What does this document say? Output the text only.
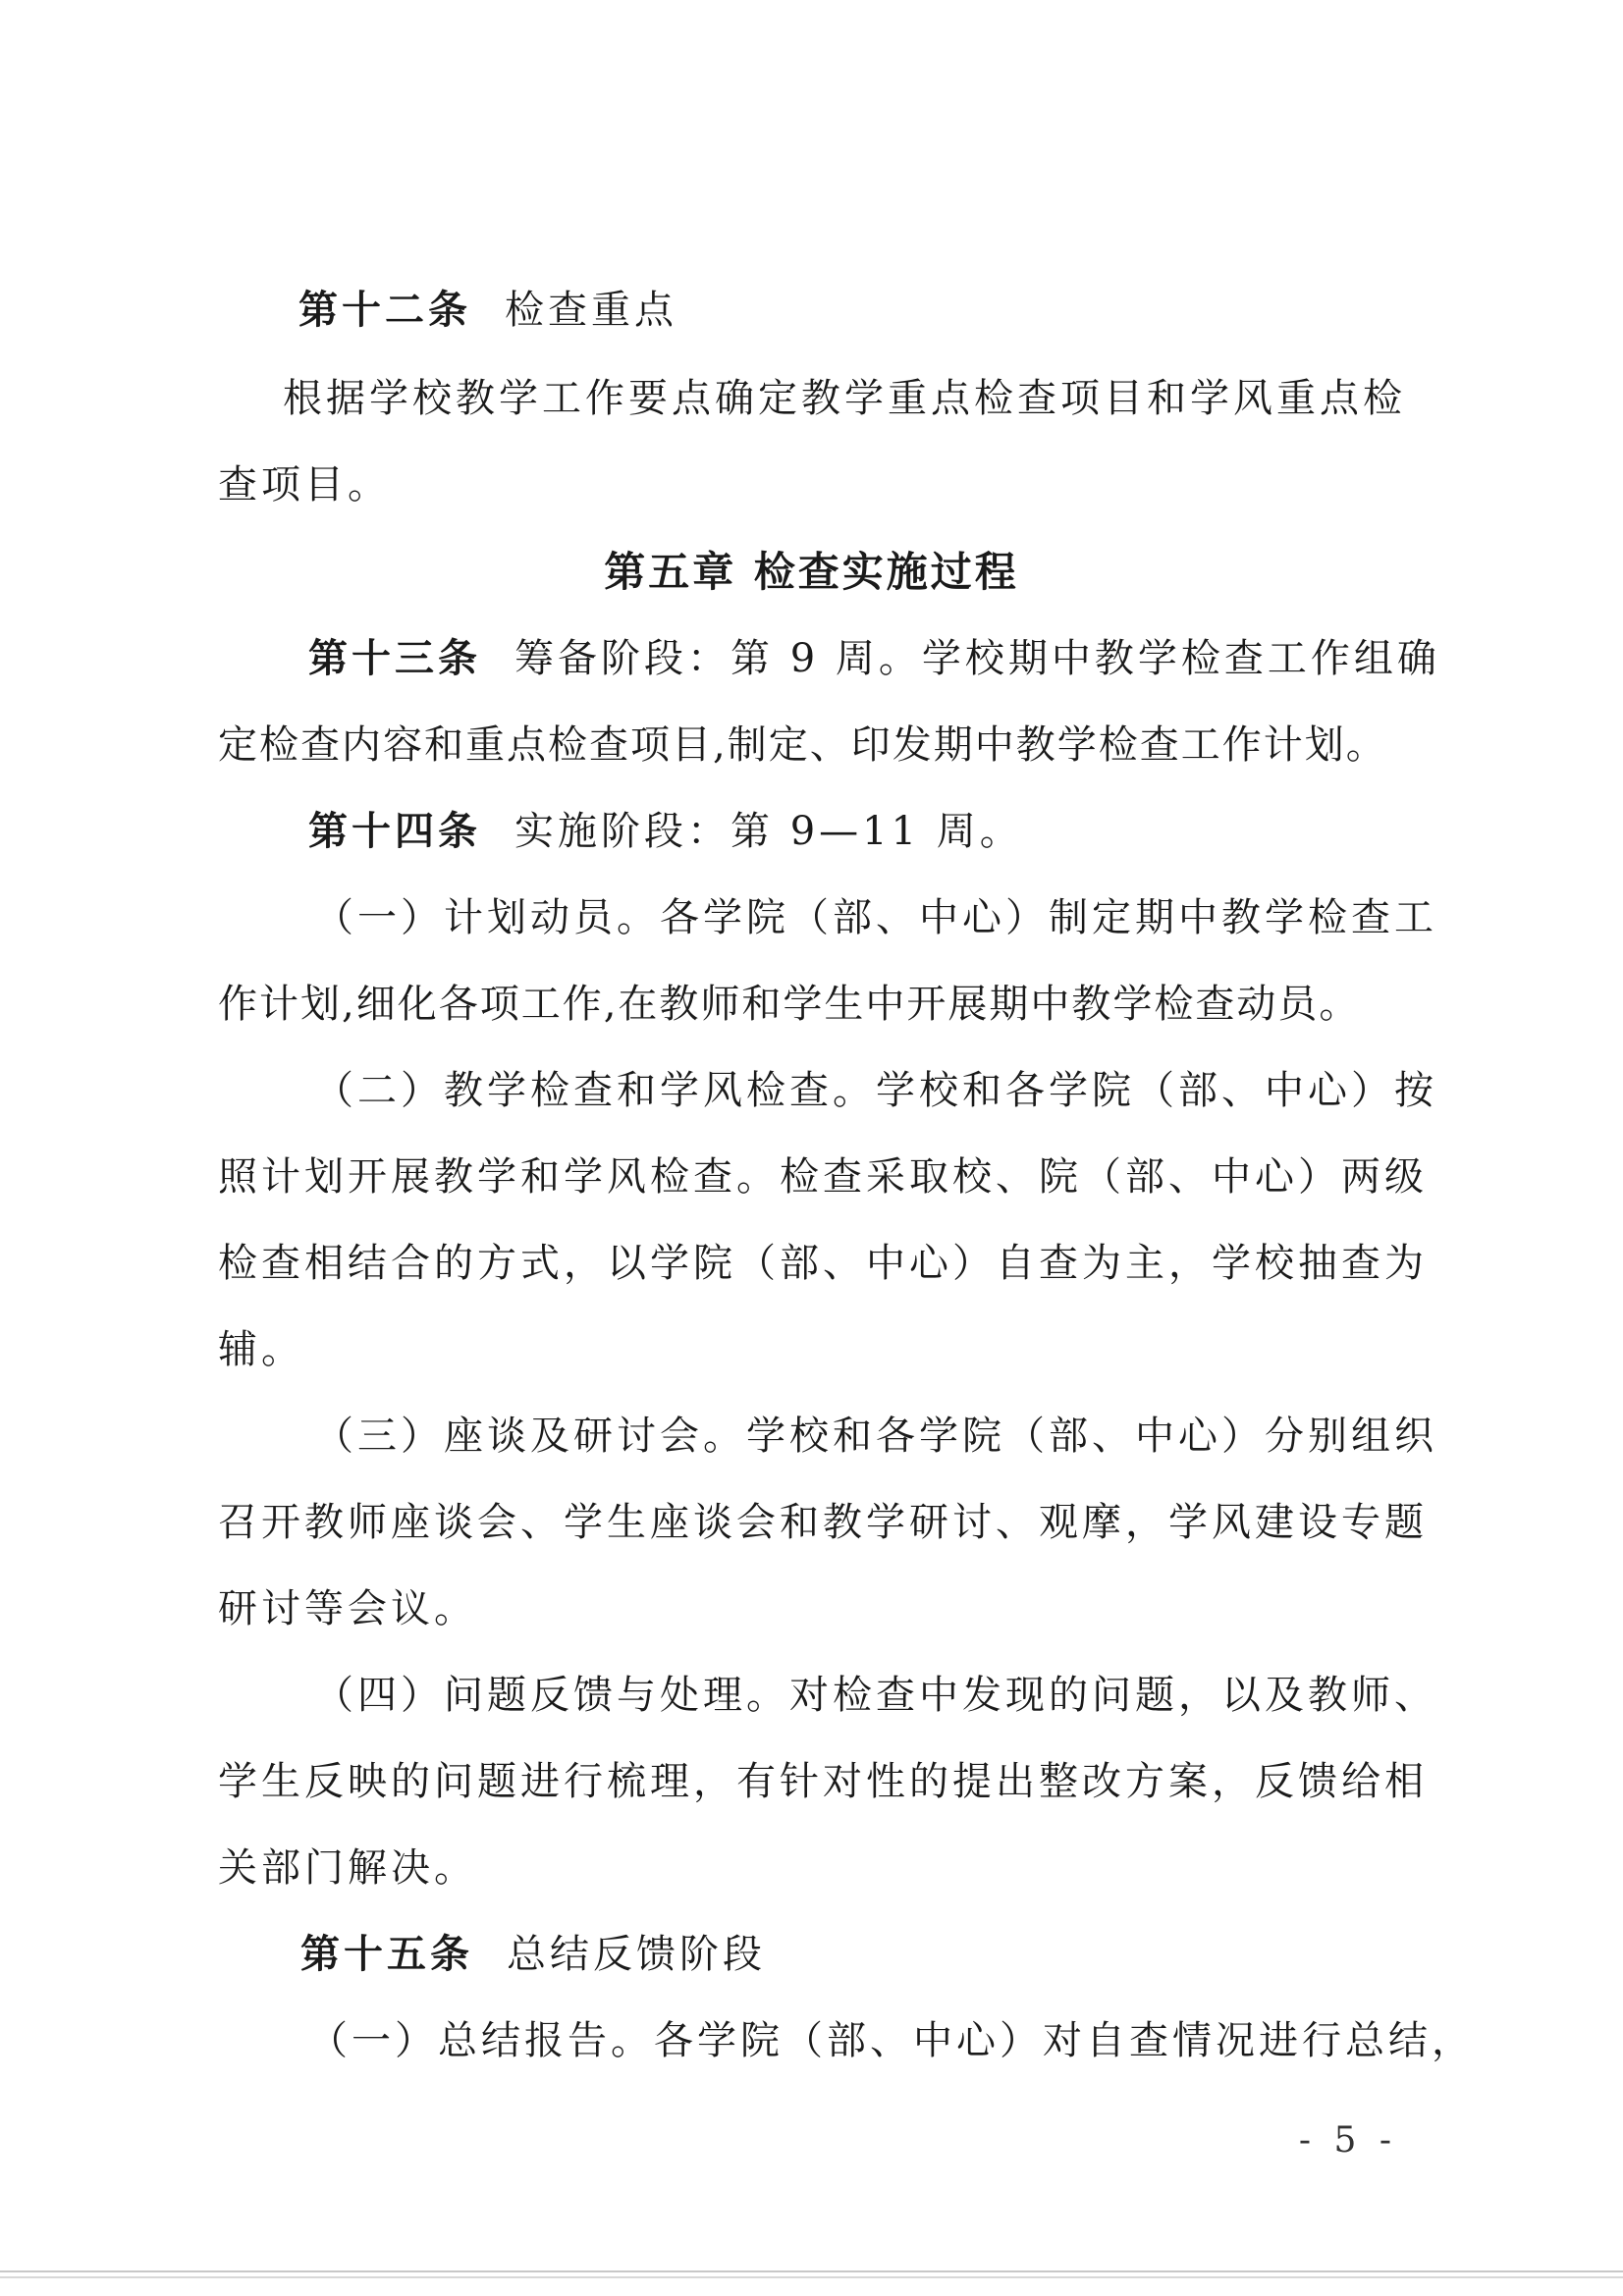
第十二条 检查重点
根据学校教学工作要点确定教学重点检查项目和学风重点检
查项目。
第五章 检查实施过程
第十三条 筹备阶段：第 9 周。学校期中教学检查工作组确
定检查内容和重点检查项目,制定、印发期中教学检查工作计划。
第十四条 实施阶段：第 9—11 周。
（一）计划动员。各学院（部、中心）制定期中教学检查工
作计划,细化各项工作,在教师和学生中开展期中教学检查动员。
（二）教学检查和学风检查。学校和各学院（部、中心）按
照计划开展教学和学风检查。检查采取校、院（部、中心）两级
检查相结合的方式，以学院（部、中心）自查为主，学校抽查为
辅。
（三）座谈及研讨会。学校和各学院（部、中心）分别组织
召开教师座谈会、学生座谈会和教学研讨、观摩，学风建设专题
研讨等会议。
（四）问题反馈与处理。对检查中发现的问题，以及教师、
学生反映的问题进行梳理，有针对性的提出整改方案，反馈给相
关部门解决。
第十五条 总结反馈阶段
（一）总结报告。各学院（部、中心）对自查情况进行总结，
- 5 -
